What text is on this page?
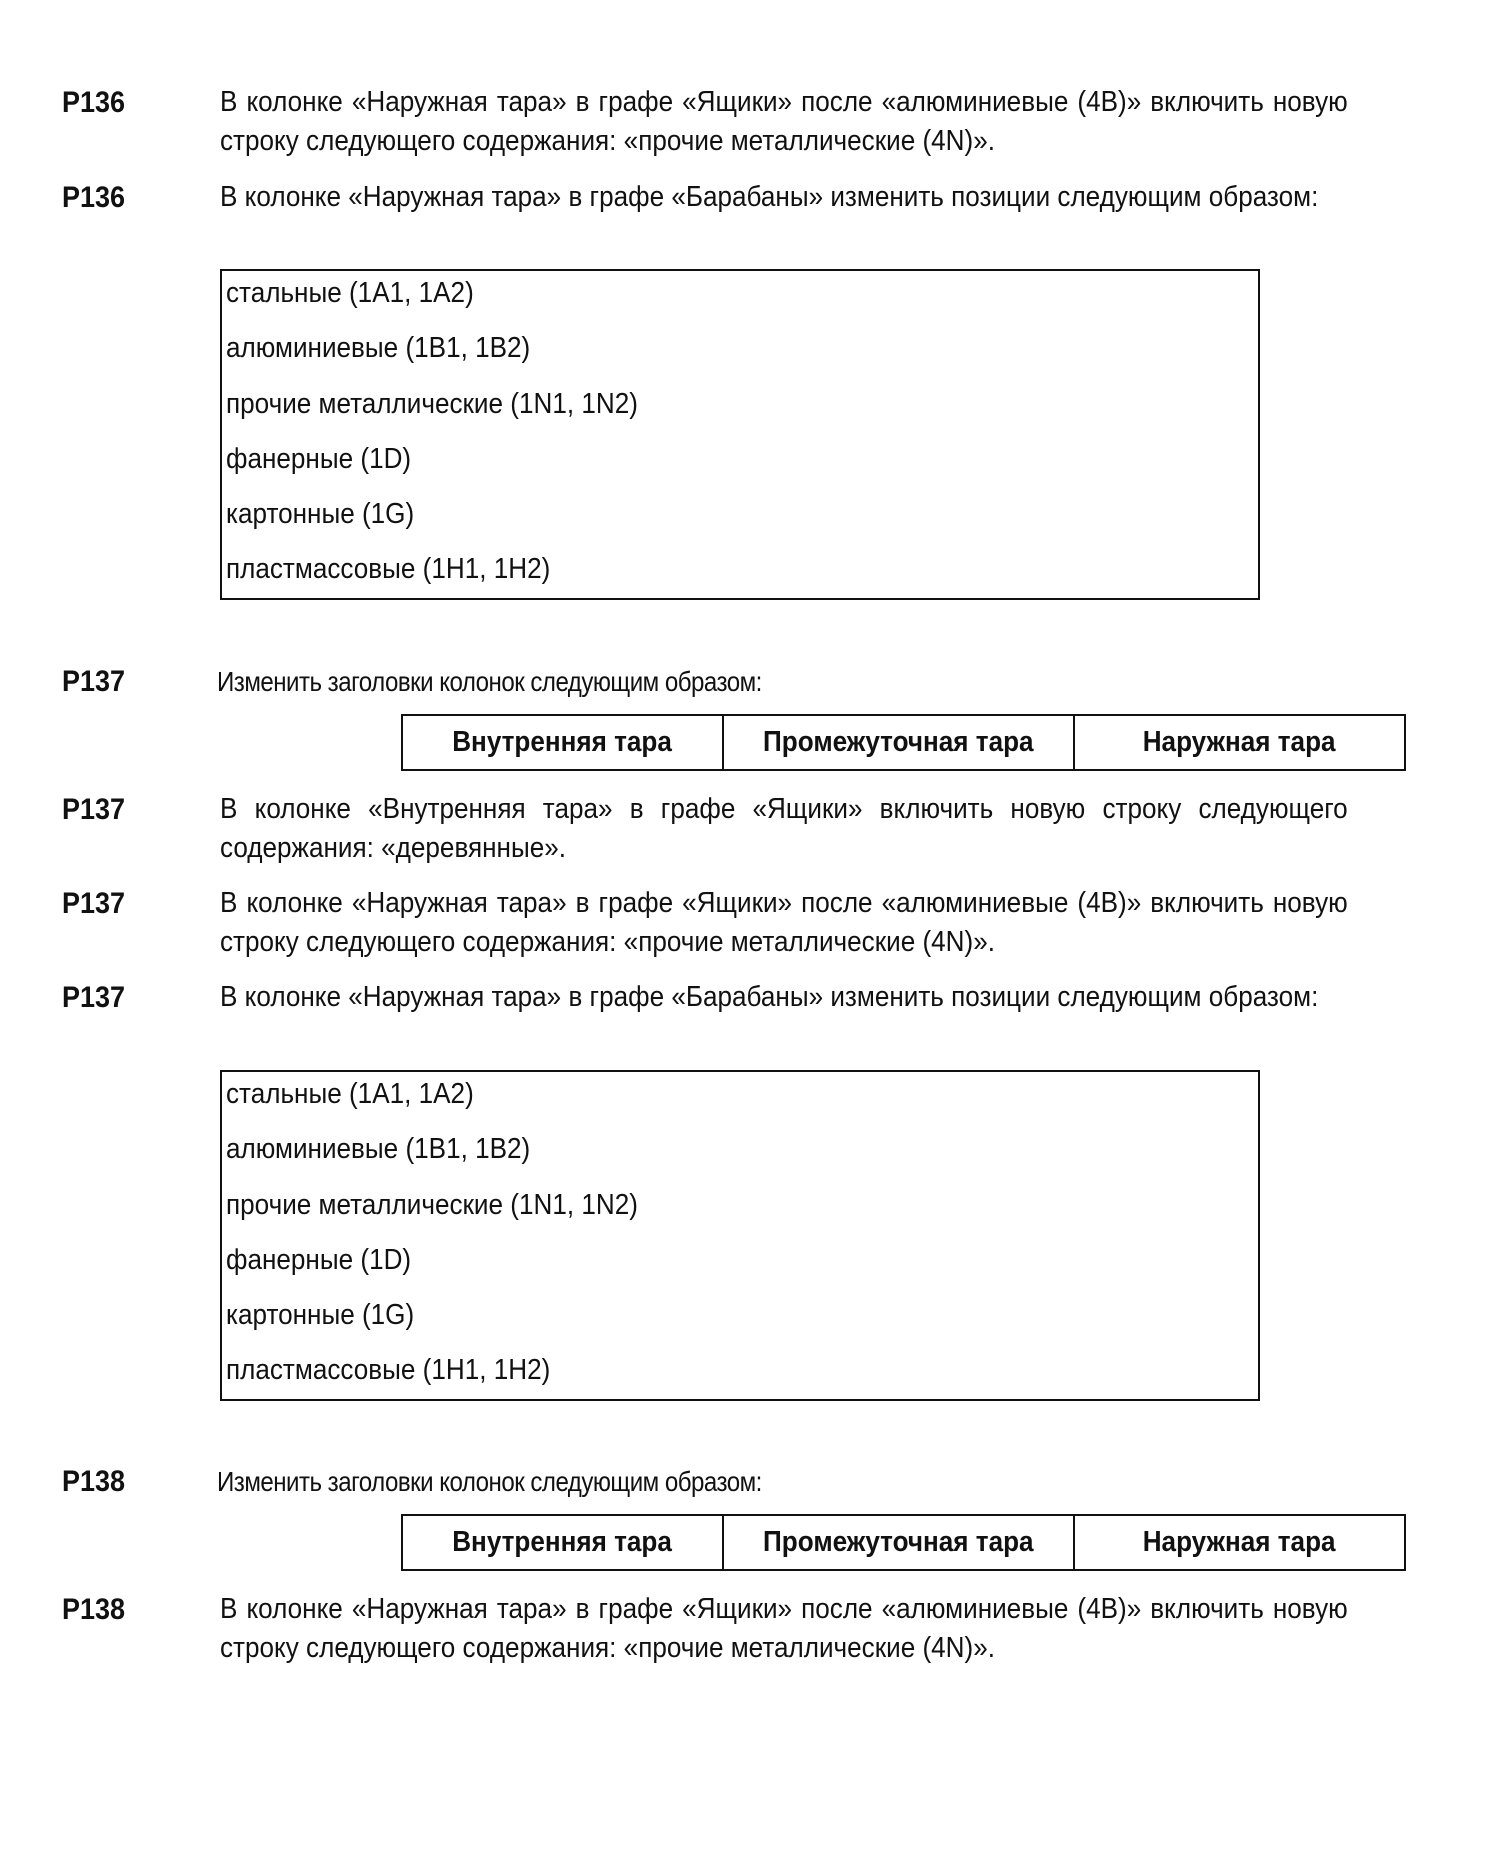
P136	В колонке «Наружная тара» в графе «Ящики» после «алюминиевые (4B)» включить новую строку следующего содержания: «прочие металлические (4N)».
P136	В колонке «Наружная тара» в графе «Барабаны» изменить позиции следующим образом:
стальные (1A1, 1A2)
алюминиевые (1B1, 1B2)
прочие металлические (1N1, 1N2)
фанерные (1D)
картонные (1G)
пластмассовые (1H1, 1H2)
P137	Изменить заголовки колонок следующим образом:
Внутренняя тара	Промежуточная тара	Наружная тара
P137	В колонке «Внутренняя тара» в графе «Ящики» включить новую строку следующего содержания: «деревянные».
P137	В колонке «Наружная тара» в графе «Ящики» после «алюминиевые (4B)» включить новую строку следующего содержания: «прочие металлические (4N)».
P137	В колонке «Наружная тара» в графе «Барабаны» изменить позиции следующим образом:
стальные (1A1, 1A2)
алюминиевые (1B1, 1B2)
прочие металлические (1N1, 1N2)
фанерные (1D)
картонные (1G)
пластмассовые (1H1, 1H2)
P138	Изменить заголовки колонок следующим образом:
Внутренняя тара	Промежуточная тара	Наружная тара
P138	В колонке «Наружная тара» в графе «Ящики» после «алюминиевые (4B)» включить новую строку следующего содержания: «прочие металлические (4N)».
